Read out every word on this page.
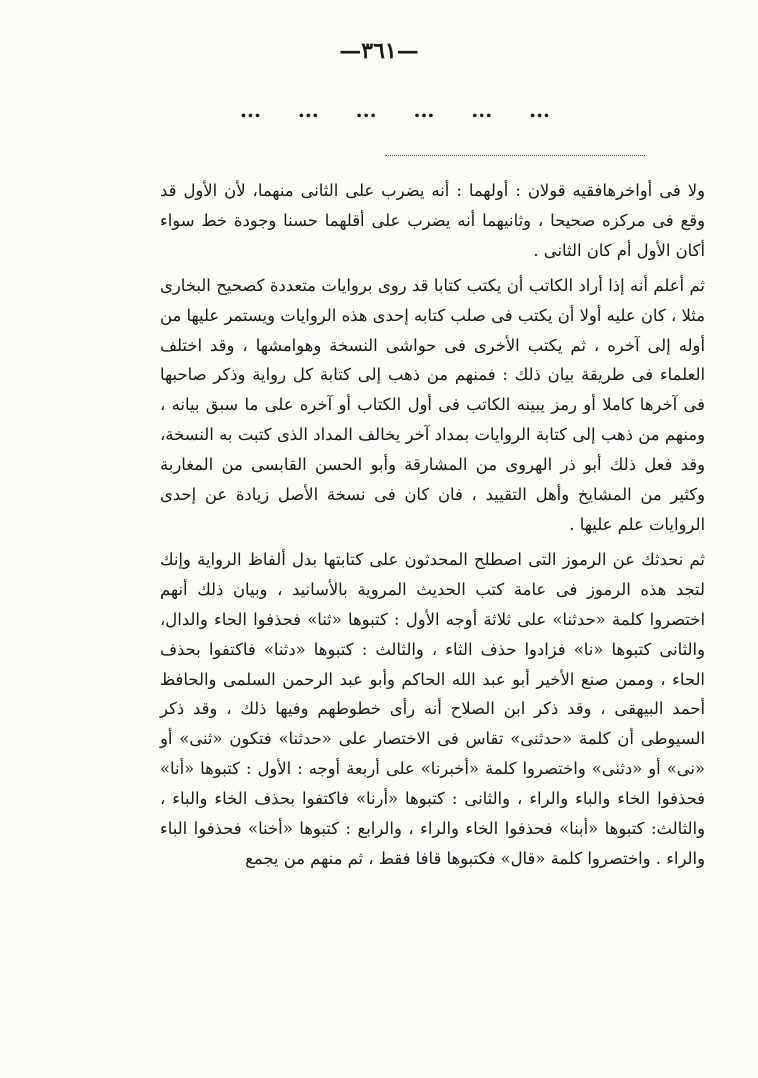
—٣٦١—
...
...
...
...
...
...

ولا فى أواخرهافقيه قولان : أولهما : أنه يضرب على الثانى منهما، لأن الأول قد وقع فى مركزه صحيحا ، وثانيهما أنه يضرب على أقلهما حسنا وجودة خط سواء أكان الأول أم كان الثانى .

ثم أعلم أنه إذا أراد الكاتب أن يكتب كتابا قد روى بروايات متعددة كصحيح البخارى مثلا ، كان عليه أولا أن يكتب فى صلب كتابه إحدى هذه الروايات ويستمر عليها من أوله إلى آخره ، ثم يكتب الأخرى فى حواشى النسخة وهوامشها ، وقد اختلف العلماء فى طريقة بيان ذلك : فمنهم من ذهب إلى كتابة كل رواية وذكر صاحبها فى آخرها كاملا أو رمز يبينه الكاتب فى أول الكتاب أو آخره على ما سبق بيانه ، ومنهم من ذهب إلى كتابة الروايات بمداد آخر يخالف المداد الذى كتبت به النسخة، وقد فعل ذلك أبو ذر الهروى من المشارقة وأبو الحسن القابسى من المغاربة وكثير من المشايخ وأهل التقييد ، فان كان فى نسخة الأصل زيادة عن إحدى الروايات علم عليها .

ثم نحدثك عن الرموز التى اصطلح المحدثون على كتابتها بدل ألفاظ الرواية وإنك لتجد هذه الرموز فى عامة كتب الحديث المروية بالأسانيد ، وبيان ذلك أنهم اختصروا كلمة «حدثنا» على ثلاثة أوجه الأول : كتبوها «ثنا» فحذفوا الحاء والدال، والثانى كتبوها «نا» فزادوا حذف الثاء ، والثالث : كتبوها «دثنا» فاكتفوا بحذف الحاء ، وممن صنع الأخير أبو عبد الله الحاكم وأبو عبد الرحمن السلمى والحافظ أحمد البيهقى ، وقد ذكر ابن الصلاح أنه رأى خطوطهم وفيها ذلك ، وقد ذكر السيوطى أن كلمة «حدثنى» تقاس فى الاختصار على «حدثنا» فتكون «ثنى» أو «نى» أو «دثنى» واختصروا كلمة «أخبرنا» على أربعة أوجه : الأول : كتبوها «أنا» فحذفوا الخاء والباء والراء ، والثانى : كتبوها «أرنا» فاكتفوا بحذف الخاء والباء ، والثالث: كتبوها «أبنا» فحذفوا الخاء والراء ، والرابع : كتبوها «أخنا» فحذفوا الباء والراء . واختصروا كلمة «قال» فكتبوها قافا فقط ، ثم منهم من يجمع
